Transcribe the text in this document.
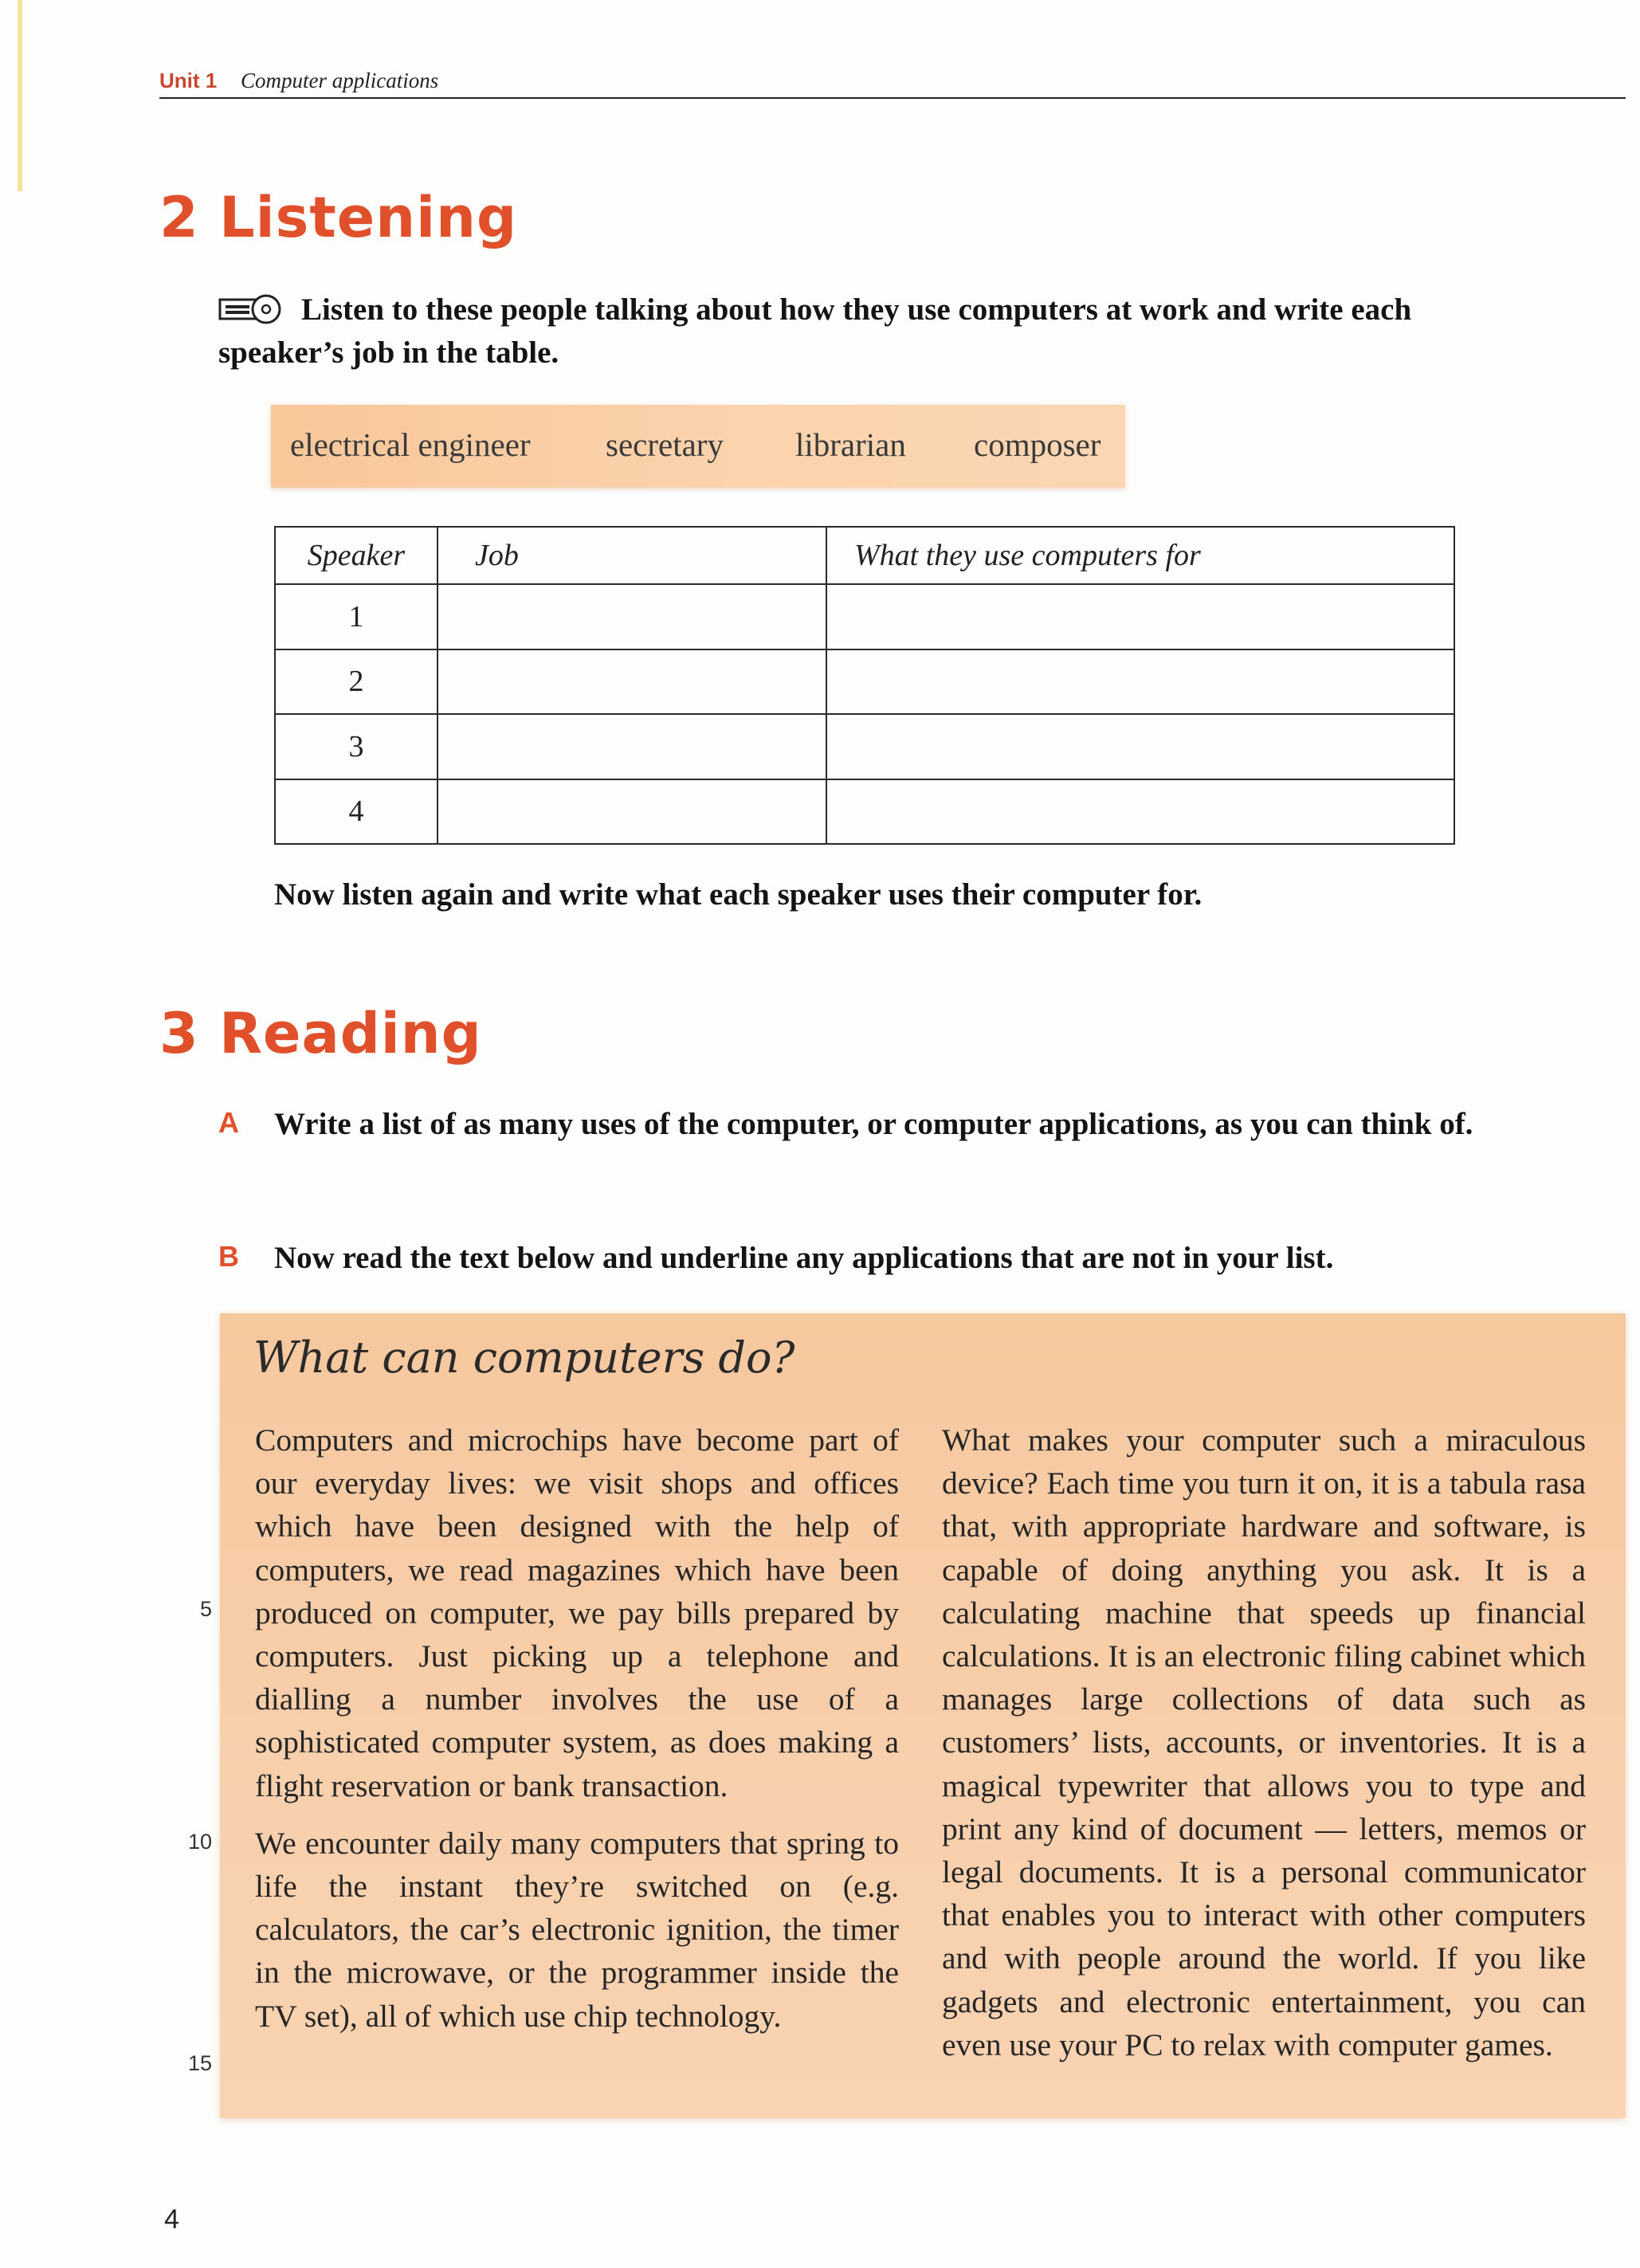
Unit 1 Computer applications
2 Listening
Listen to these people talking about how they use computers at work and write each speaker’s job in the table.
electrical engineer secretary librarian composer
Speaker	Job	What they use computers for
1		
2		
3		
4		
Now listen again and write what each speaker uses their computer for.
3 Reading
A Write a list of as many uses of the computer, or computer applications, as you can think of.
B Now read the text below and underline any applications that are not in your list.
What can computers do?

Computers and microchips have become part of our everyday lives: we visit shops and offices which have been designed with the help of computers, we read magazines which have been produced on computer, we pay bills prepared by computers. Just picking up a telephone and dialling a number involves the use of a sophisticated computer system, as does making a flight reservation or bank transaction.

We encounter daily many computers that spring to life the instant they’re switched on (e.g. calculators, the car’s electronic ignition, the timer in the microwave, or the programmer inside the TV set), all of which use chip technology.

What makes your computer such a miraculous device? Each time you turn it on, it is a tabula rasa that, with appropriate hardware and software, is capable of doing anything you ask. It is a calculating machine that speeds up financial calculations. It is an electronic filing cabinet which manages large collections of data such as customers’ lists, accounts, or inventories. It is a magical typewriter that allows you to type and print any kind of document — letters, memos or legal documents. It is a personal communicator that enables you to interact with other computers and with people around the world. If you like gadgets and electronic entertainment, you can even use your PC to relax with computer games.

5
10
15
4
